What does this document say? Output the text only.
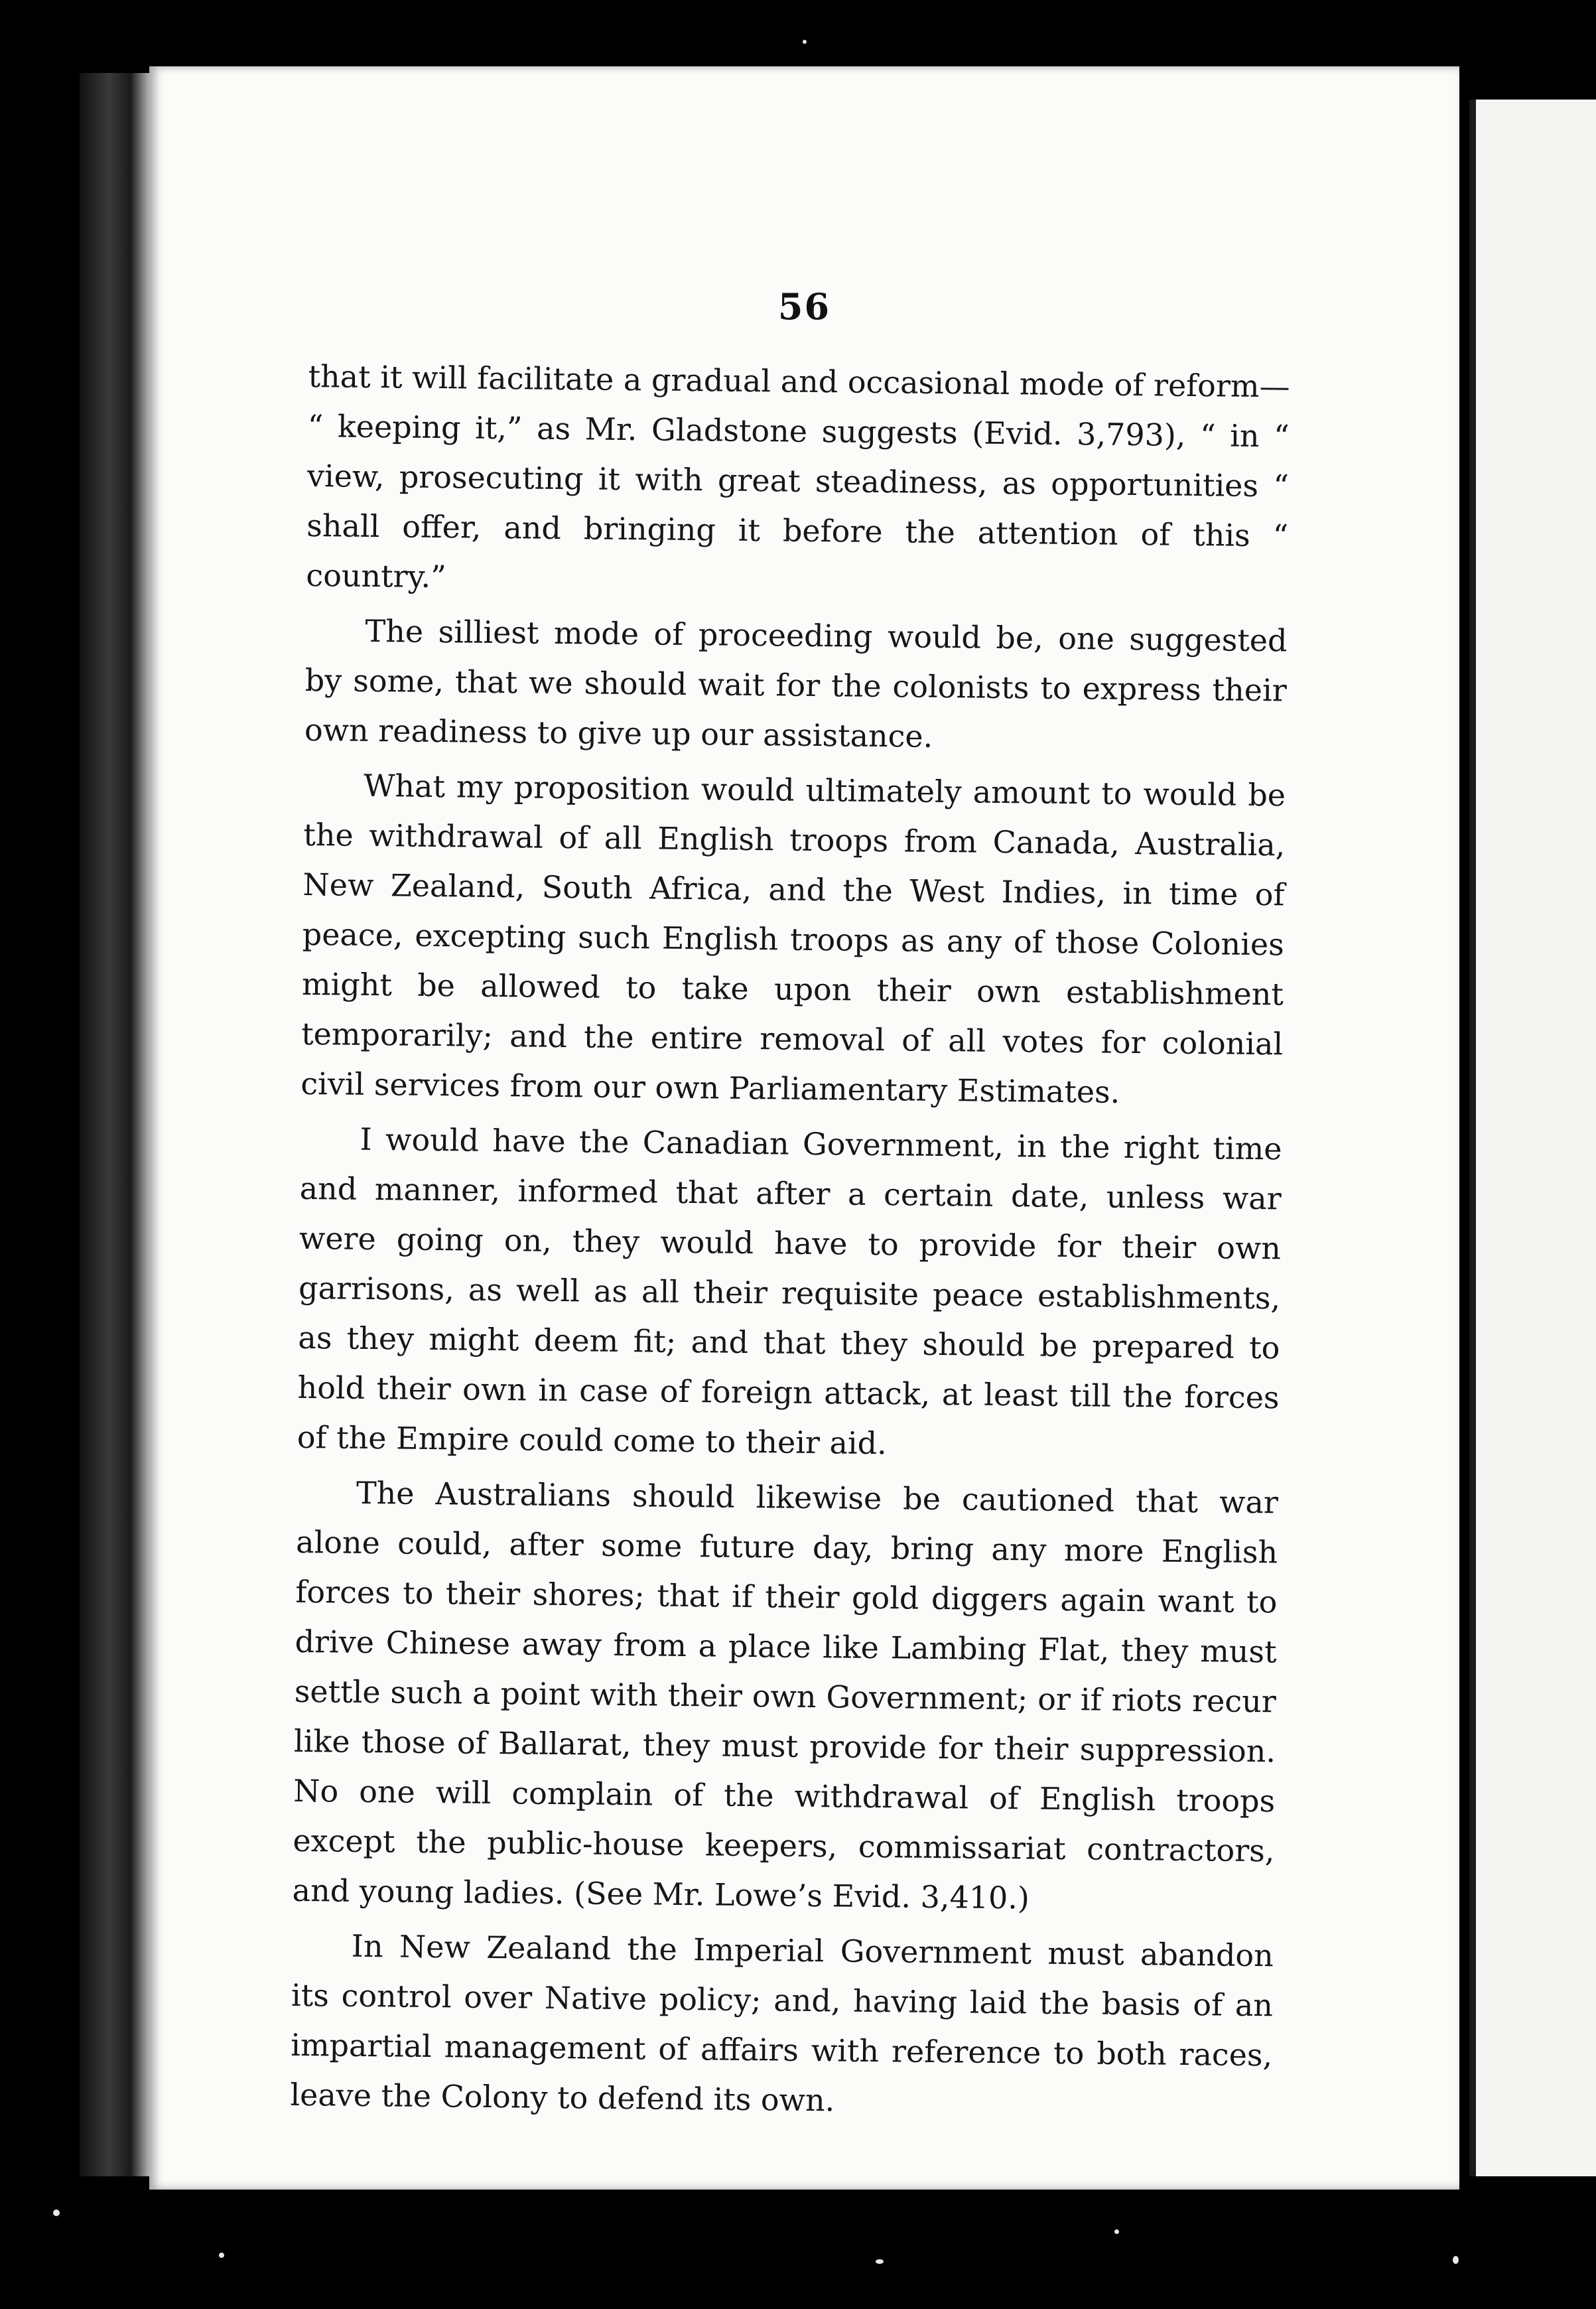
56

that it will facilitate a gradual and occasional mode of reform— “ keeping it,” as Mr. Gladstone suggests (Evid. 3,793), “ in “ view, prosecuting it with great steadiness, as opportunities “ shall offer, and bringing it before the attention of this “ country.”

The silliest mode of proceeding would be, one suggested by some, that we should wait for the colonists to express their own readiness to give up our assistance.

What my proposition would ultimately amount to would be the withdrawal of all English troops from Canada, Australia, New Zealand, South Africa, and the West Indies, in time of peace, excepting such English troops as any of those Colonies might be allowed to take upon their own establishment temporarily; and the entire removal of all votes for colonial civil services from our own Parliamentary Estimates.

I would have the Canadian Government, in the right time and manner, informed that after a certain date, unless war were going on, they would have to provide for their own garrisons, as well as all their requisite peace establishments, as they might deem fit; and that they should be prepared to hold their own in case of foreign attack, at least till the forces of the Empire could come to their aid.

The Australians should likewise be cautioned that war alone could, after some future day, bring any more English forces to their shores; that if their gold diggers again want to drive Chinese away from a place like Lambing Flat, they must settle such a point with their own Government; or if riots recur like those of Ballarat, they must provide for their suppression. No one will complain of the withdrawal of English troops except the public-house keepers, commissariat contractors, and young ladies. (See Mr. Lowe’s Evid. 3,410.)

In New Zealand the Imperial Government must abandon its control over Native policy; and, having laid the basis of an impartial management of affairs with reference to both races, leave the Colony to defend its own.
